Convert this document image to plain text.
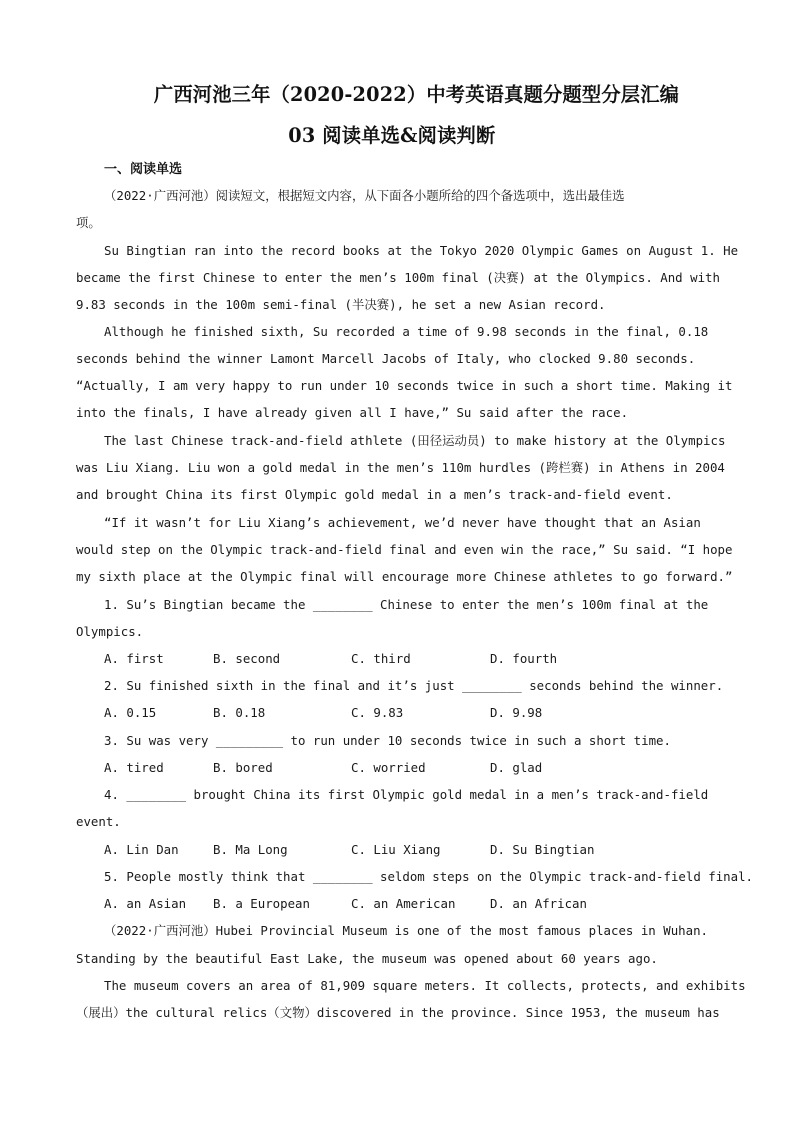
广西河池三年（2020-2022）中考英语真题分题型分层汇编
03 阅读单选&阅读判断
一、阅读单选
（2022·广西河池）阅读短文，根据短文内容，从下面各小题所给的四个备选项中，选出最佳选
项。
Su Bingtian ran into the record books at the Tokyo 2020 Olympic Games on August 1. He
became the first Chinese to enter the men’s 100m final (决赛) at the Olympics. And with
9.83 seconds in the 100m semi-final (半决赛), he set a new Asian record.
Although he finished sixth, Su recorded a time of 9.98 seconds in the final, 0.18
seconds behind the winner Lamont Marcell Jacobs of Italy, who clocked 9.80 seconds.
“Actually, I am very happy to run under 10 seconds twice in such a short time. Making it
into the finals, I have already given all I have,” Su said after the race.
The last Chinese track-and-field athlete (田径运动员) to make history at the Olympics
was Liu Xiang. Liu won a gold medal in the men’s 110m hurdles (跨栏赛) in Athens in 2004
and brought China its first Olympic gold medal in a men’s track-and-field event.
“If it wasn’t for Liu Xiang’s achievement, we’d never have thought that an Asian
would step on the Olympic track-and-field final and even win the race,” Su said. “I hope
my sixth place at the Olympic final will encourage more Chinese athletes to go forward.”
1. Su’s Bingtian became the ________ Chinese to enter the men’s 100m final at the
Olympics.
A. first	B. second	C. third	D. fourth
2. Su finished sixth in the final and it’s just ________ seconds behind the winner.
A. 0.15	B. 0.18	C. 9.83	D. 9.98
3. Su was very _________ to run under 10 seconds twice in such a short time.
A. tired	B. bored	C. worried	D. glad
4. ________ brought China its first Olympic gold medal in a men’s track-and-field
event.
A. Lin Dan	B. Ma Long	C. Liu Xiang	D. Su Bingtian
5. People mostly think that ________ seldom steps on the Olympic track-and-field final.
A. an Asian B. a European	C. an American	D. an African
（2022·广西河池）Hubei Provincial Museum is one of the most famous places in Wuhan.
Standing by the beautiful East Lake, the museum was opened about 60 years ago.
The museum covers an area of 81,909 square meters. It collects, protects, and exhibits
（展出）the cultural relics（文物）discovered in the province. Since 1953, the museum has
